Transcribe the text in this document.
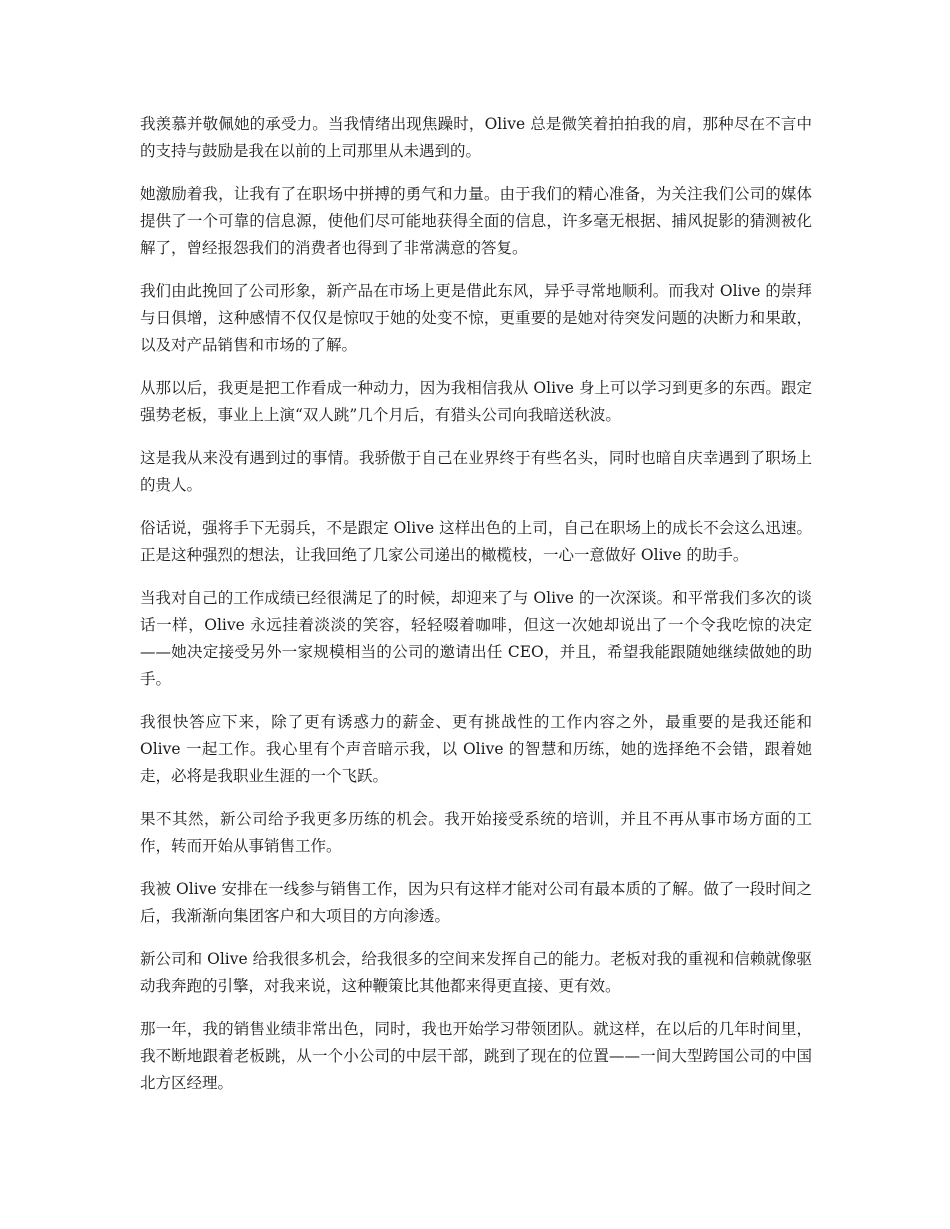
我羡慕并敬佩她的承受力。当我情绪出现焦躁时，Olive 总是微笑着拍拍我的肩，那种尽在不言中的支持与鼓励是我在以前的上司那里从未遇到的。

她激励着我，让我有了在职场中拼搏的勇气和力量。由于我们的精心准备，为关注我们公司的媒体提供了一个可靠的信息源，使他们尽可能地获得全面的信息，许多毫无根据、捕风捉影的猜测被化解了，曾经报怨我们的消费者也得到了非常满意的答复。

我们由此挽回了公司形象，新产品在市场上更是借此东风，异乎寻常地顺利。而我对 Olive 的崇拜与日俱增，这种感情不仅仅是惊叹于她的处变不惊，更重要的是她对待突发问题的决断力和果敢，以及对产品销售和市场的了解。

从那以后，我更是把工作看成一种动力，因为我相信我从 Olive 身上可以学习到更多的东西。跟定强势老板，事业上上演“双人跳”几个月后，有猎头公司向我暗送秋波。

这是我从来没有遇到过的事情。我骄傲于自己在业界终于有些名头，同时也暗自庆幸遇到了职场上的贵人。

俗话说，强将手下无弱兵，不是跟定 Olive 这样出色的上司，自己在职场上的成长不会这么迅速。正是这种强烈的想法，让我回绝了几家公司递出的橄榄枝，一心一意做好 Olive 的助手。

当我对自己的工作成绩已经很满足了的时候，却迎来了与 Olive 的一次深谈。和平常我们多次的谈话一样，Olive 永远挂着淡淡的笑容，轻轻啜着咖啡，但这一次她却说出了一个令我吃惊的决定——她决定接受另外一家规模相当的公司的邀请出任 CEO，并且，希望我能跟随她继续做她的助手。

我很快答应下来，除了更有诱惑力的薪金、更有挑战性的工作内容之外，最重要的是我还能和 Olive 一起工作。我心里有个声音暗示我，以 Olive 的智慧和历练，她的选择绝不会错，跟着她走，必将是我职业生涯的一个飞跃。

果不其然，新公司给予我更多历练的机会。我开始接受系统的培训，并且不再从事市场方面的工作，转而开始从事销售工作。

我被 Olive 安排在一线参与销售工作，因为只有这样才能对公司有最本质的了解。做了一段时间之后，我渐渐向集团客户和大项目的方向渗透。

新公司和 Olive 给我很多机会，给我很多的空间来发挥自己的能力。老板对我的重视和信赖就像驱动我奔跑的引擎，对我来说，这种鞭策比其他都来得更直接、更有效。

那一年，我的销售业绩非常出色，同时，我也开始学习带领团队。就这样，在以后的几年时间里，我不断地跟着老板跳，从一个小公司的中层干部，跳到了现在的位置——一间大型跨国公司的中国北方区经理。
